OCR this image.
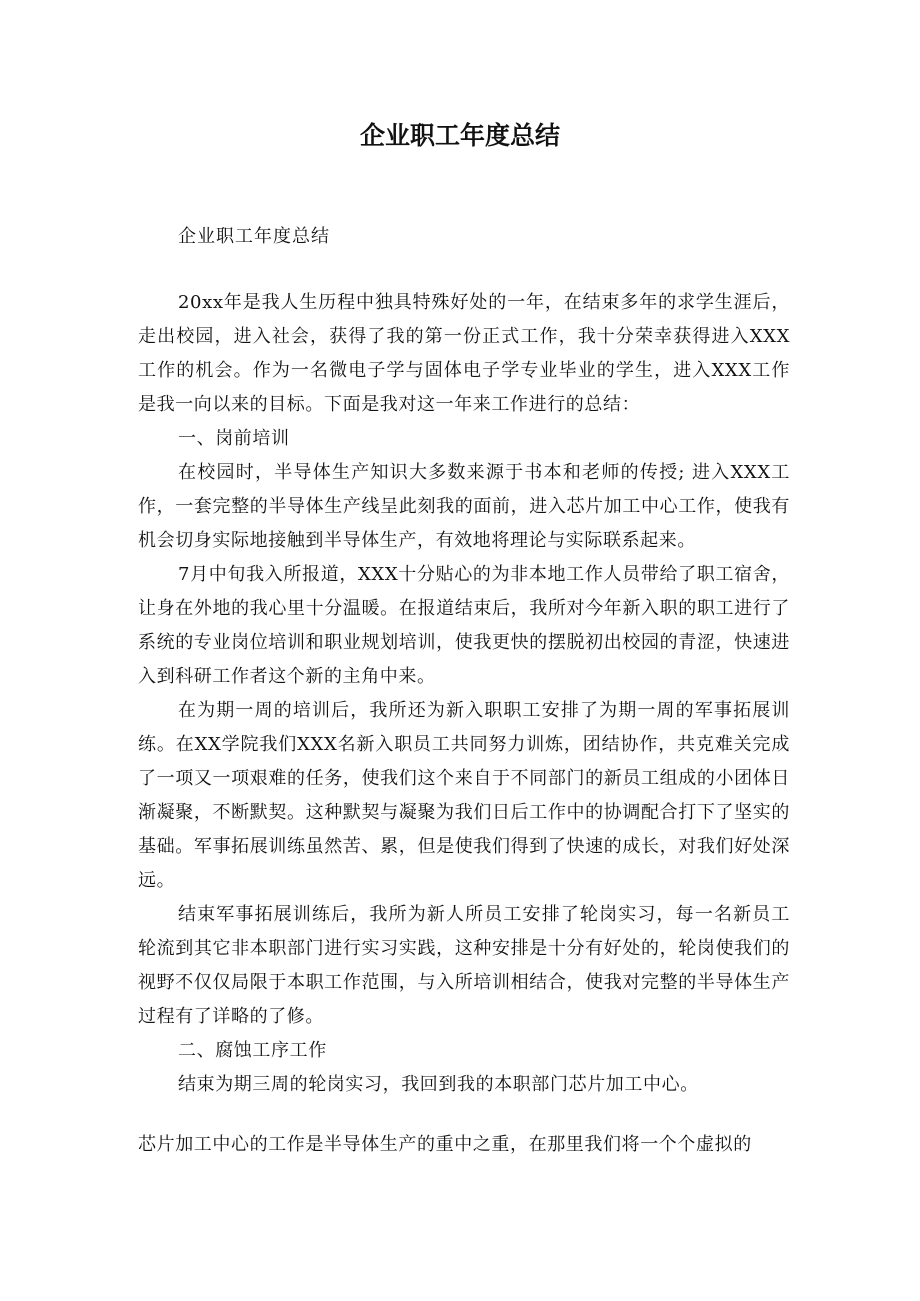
企业职工年度总结
企业职工年度总结

20xx年是我人生历程中独具特殊好处的一年，在结束多年的求学生涯后，走出校园，进入社会，获得了我的第一份正式工作，我十分荣幸获得进入XXX工作的机会。作为一名微电子学与固体电子学专业毕业的学生，进入XXX工作是我一向以来的目标。下面是我对这一年来工作进行的总结：

一、岗前培训

在校园时，半导体生产知识大多数来源于书本和老师的传授; 进入XXX工作，一套完整的半导体生产线呈此刻我的面前，进入芯片加工中心工作，使我有机会切身实际地接触到半导体生产，有效地将理论与实际联系起来。

7月中旬我入所报道，XXX十分贴心的为非本地工作人员带给了职工宿舍，让身在外地的我心里十分温暖。在报道结束后，我所对今年新入职的职工进行了系统的专业岗位培训和职业规划培训，使我更快的摆脱初出校园的青涩，快速进入到科研工作者这个新的主角中来。

在为期一周的培训后，我所还为新入职职工安排了为期一周的军事拓展训练。在XX学院我们XXX名新入职员工共同努力训炼，团结协作，共克难关完成了一项又一项艰难的任务，使我们这个来自于不同部门的新员工组成的小团体日渐凝聚，不断默契。这种默契与凝聚为我们日后工作中的协调配合打下了坚实的基础。军事拓展训练虽然苦、累，但是使我们得到了快速的成长，对我们好处深远。

结束军事拓展训练后，我所为新人所员工安排了轮岗实习，每一名新员工轮流到其它非本职部门进行实习实践，这种安排是十分有好处的，轮岗使我们的视野不仅仅局限于本职工作范围，与入所培训相结合，使我对完整的半导体生产过程有了详略的了修。

二、腐蚀工序工作

结束为期三周的轮岗实习，我回到我的本职部门芯片加工中心。

芯片加工中心的工作是半导体生产的重中之重，在那里我们将一个个虚拟的
